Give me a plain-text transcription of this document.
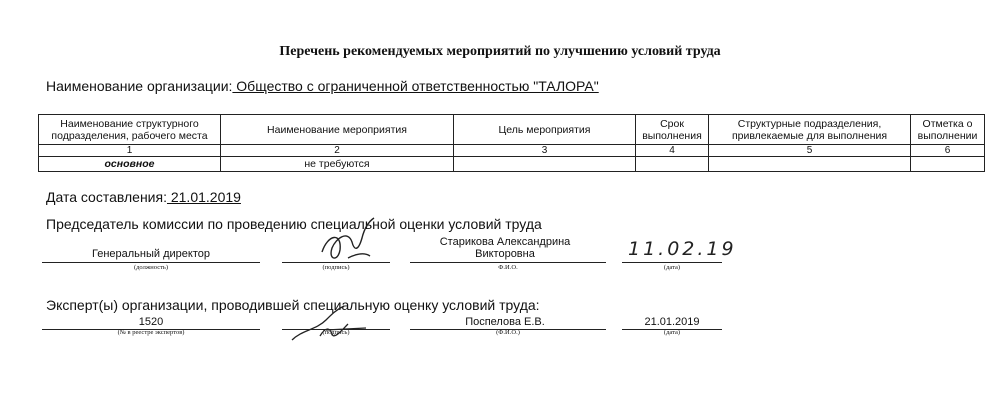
Перечень рекомендуемых мероприятий по улучшению условий труда
Наименование организации: Общество с ограниченной ответственностью "ТАЛОРА"
Наименование структурного подразделения, рабочего места	Наименование мероприятия	Цель мероприятия	Срок выполнения	Структурные подразделения, привлекаемые для выполнения	Отметка о выполнении
1	2	3	4	5	6
основное	не требуются				
Дата составления: 21.01.2019
Председатель комиссии по проведению специальной оценки условий труда
Генеральный директор
(должность)	(подпись)
Старикова Александрина Викторовна
Ф.И.О.
11.02.19
(дата)
Эксперт(ы) организации, проводившей специальную оценку условий труда:
1520
(№ в реестре экспертов)	(подпись)
Поспелова Е.В.
(Ф.И.О.)
21.01.2019
(дата)
